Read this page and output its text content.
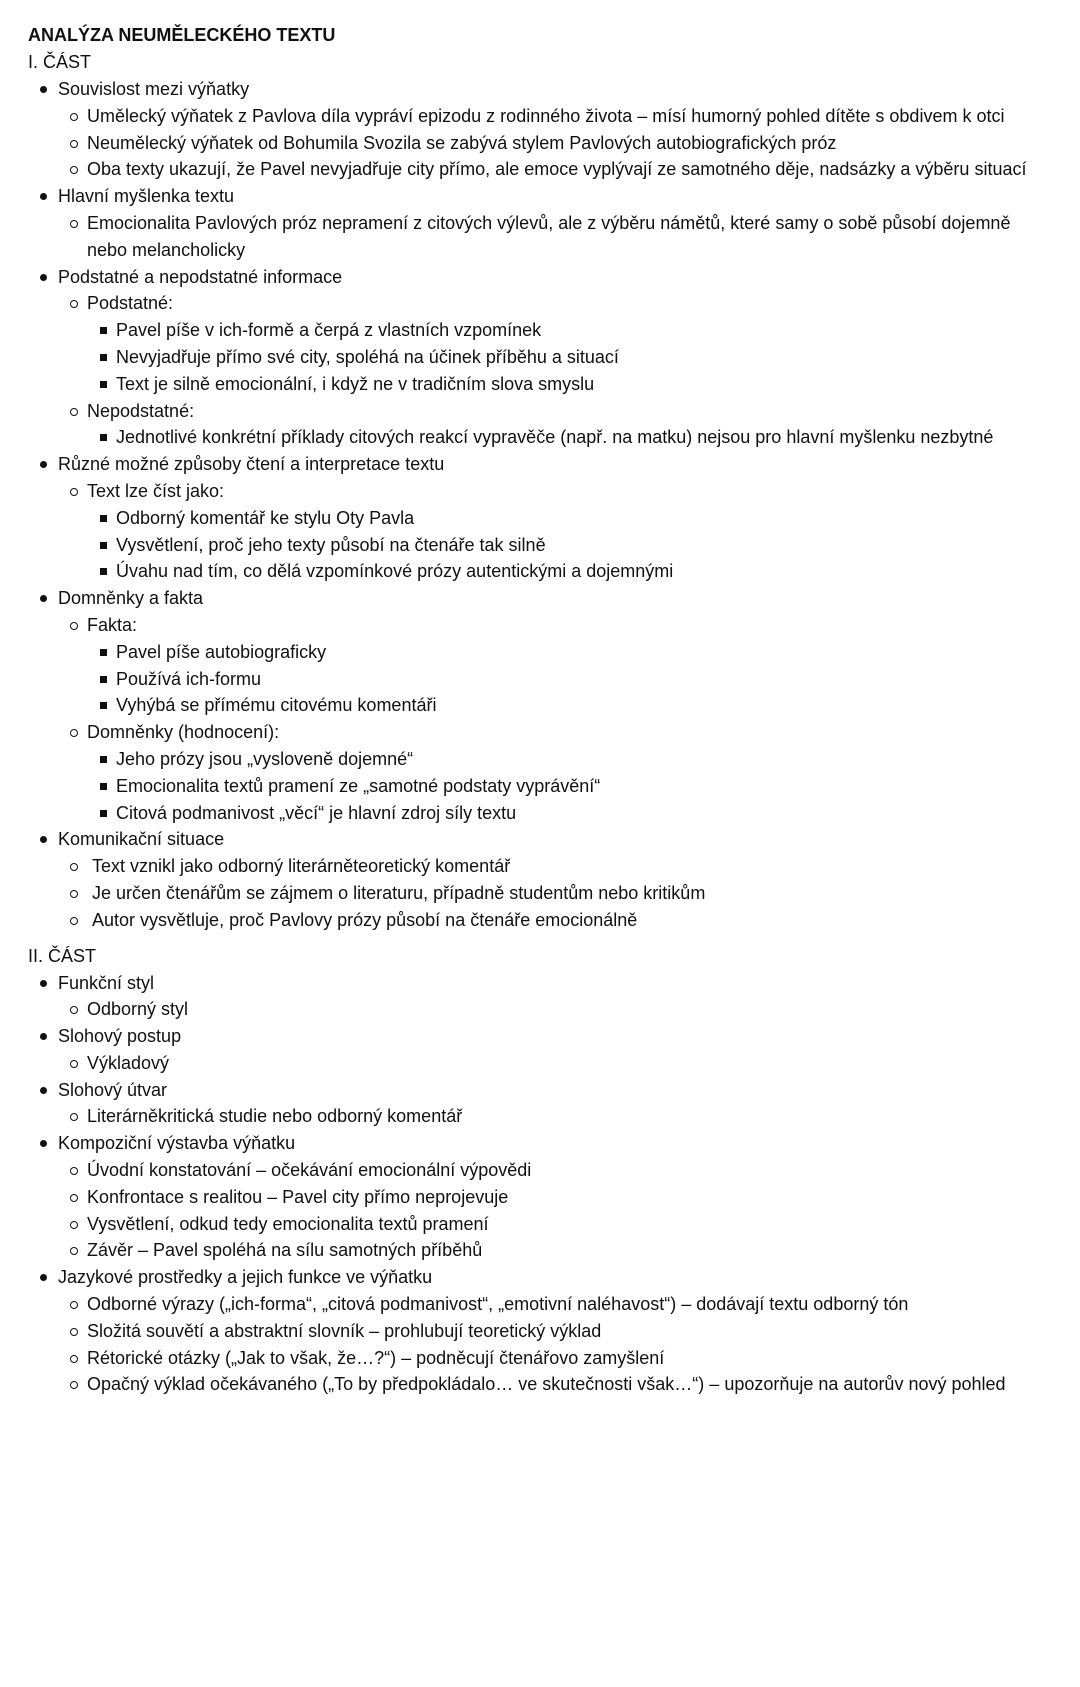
ANALÝZA NEUMĚLECKÉHO TEXTU
I. ČÁST
Souvislost mezi výňatky
Umělecký výňatek z Pavlova díla vypráví epizodu z rodinného života – mísí humorný pohled dítěte s obdivem k otci
Neumělecký výňatek od Bohumila Svozila se zabývá stylem Pavlových autobiografických próz
Oba texty ukazují, že Pavel nevyjadřuje city přímo, ale emoce vyplývají ze samotného děje, nadsázky a výběru situací
Hlavní myšlenka textu
Emocionalita Pavlových próz nepramení z citových výlevů, ale z výběru námětů, které samy o sobě působí dojemně nebo melancholicky
Podstatné a nepodstatné informace
Podstatné:
Pavel píše v ich-formě a čerpá z vlastních vzpomínek
Nevyjadřuje přímo své city, spoléhá na účinek příběhu a situací
Text je silně emocionální, i když ne v tradičním slova smyslu
Nepodstatné:
Jednotlivé konkrétní příklady citových reakcí vypravěče (např. na matku) nejsou pro hlavní myšlenku nezbytné
Různé možné způsoby čtení a interpretace textu
Text lze číst jako:
Odborný komentář ke stylu Oty Pavla
Vysvětlení, proč jeho texty působí na čtenáře tak silně
Úvahu nad tím, co dělá vzpomínkové prózy autentickými a dojemnými
Domněnky a fakta
Fakta:
Pavel píše autobiograficky
Používá ich-formu
Vyhýbá se přímému citovému komentáři
Domněnky (hodnocení):
Jeho prózy jsou „vysloveně dojemné“
Emocionalita textů pramení ze „samotné podstaty vyprávění“
Citová podmanivost „věcí“ je hlavní zdroj síly textu
Komunikační situace
Text vznikl jako odborný literárněteoretický komentář
Je určen čtenářům se zájmem o literaturu, případně studentům nebo kritikům
Autor vysvětluje, proč Pavlovy prózy působí na čtenáře emocionálně
II. ČÁST
Funkční styl
Odborný styl
Slohový postup
Výkladový
Slohový útvar
Literárněkritická studie nebo odborný komentář
Kompoziční výstavba výňatku
Úvodní konstatování – očekávání emocionální výpovědi
Konfrontace s realitou – Pavel city přímo neprojevuje
Vysvětlení, odkud tedy emocionalita textů pramení
Závěr – Pavel spoléhá na sílu samotných příběhů
Jazykové prostředky a jejich funkce ve výňatku
Odborné výrazy („ich-forma“, „citová podmanivost“, „emotivní naléhavost“) – dodávají textu odborný tón
Složitá souvětí a abstraktní slovník – prohlubují teoretický výklad
Rétorické otázky („Jak to však, že…?“) – podněcují čtenářovo zamyšlení
Opačný výklad očekávaného („To by předpokládalo… ve skutečnosti však…“) – upozorňuje na autorův nový pohled
